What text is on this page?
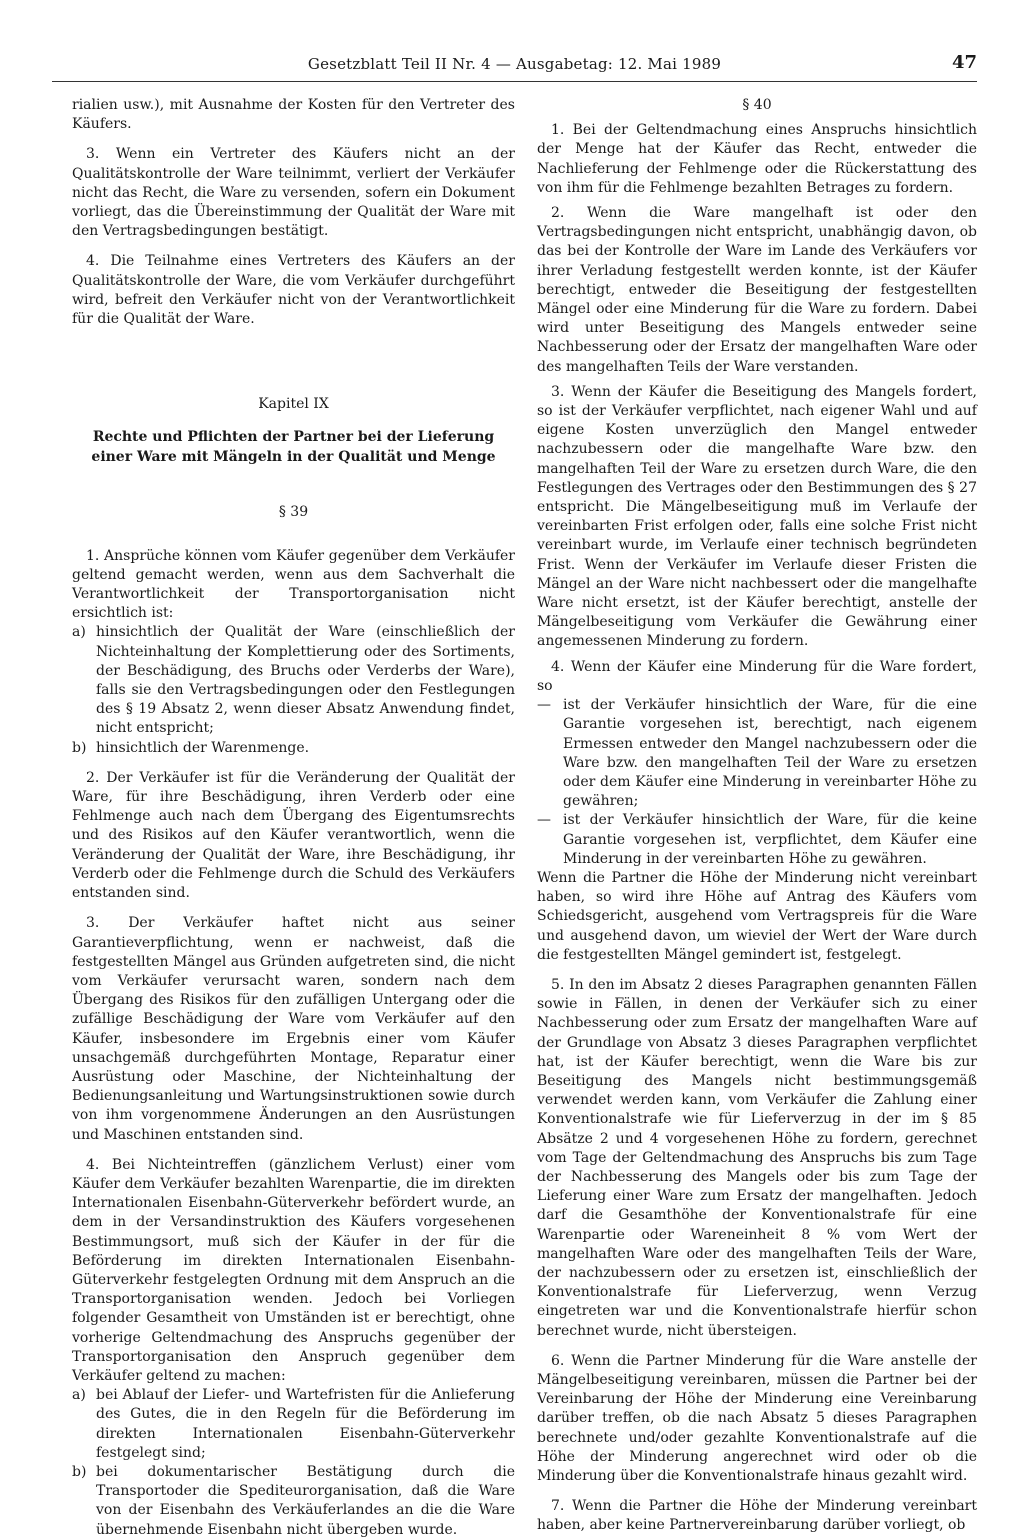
Gesetzblatt Teil II Nr. 4 — Ausgabetag: 12. Mai 1989	47

rialien usw.), mit Ausnahme der Kosten für den Vertreter des Käufers.

3. Wenn ein Vertreter des Käufers nicht an der Qualitätskontrolle der Ware teilnimmt, verliert der Verkäufer nicht das Recht, die Ware zu versenden, sofern ein Dokument vorliegt, das die Übereinstimmung der Qualität der Ware mit den Vertragsbedingungen bestätigt.

4. Die Teilnahme eines Vertreters des Käufers an der Qualitätskontrolle der Ware, die vom Verkäufer durchgeführt wird, befreit den Verkäufer nicht von der Verantwortlichkeit für die Qualität der Ware.

Kapitel IX

Rechte und Pflichten der Partner bei der Lieferung einer Ware mit Mängeln in der Qualität und Menge

§ 39

1. Ansprüche können vom Käufer gegenüber dem Verkäufer geltend gemacht werden, wenn aus dem Sachverhalt die Verantwortlichkeit der Transportorganisation nicht ersichtlich ist:

a) hinsichtlich der Qualität der Ware (einschließlich der Nichteinhaltung der Komplettierung oder des Sortiments, der Beschädigung, des Bruchs oder Verderbs der Ware), falls sie den Vertragsbedingungen oder den Festlegungen des § 19 Absatz 2, wenn dieser Absatz Anwendung findet, nicht entspricht;
b) hinsichtlich der Warenmenge.

2. Der Verkäufer ist für die Veränderung der Qualität der Ware, für ihre Beschädigung, ihren Verderb oder eine Fehlmenge auch nach dem Übergang des Eigentumsrechts und des Risikos auf den Käufer verantwortlich, wenn die Veränderung der Qualität der Ware, ihre Beschädigung, ihr Verderb oder die Fehlmenge durch die Schuld des Verkäufers entstanden sind.

3. Der Verkäufer haftet nicht aus seiner Garantieverpflichtung, wenn er nachweist, daß die festgestellten Mängel aus Gründen aufgetreten sind, die nicht vom Verkäufer verursacht waren, sondern nach dem Übergang des Risikos für den zufälligen Untergang oder die zufällige Beschädigung der Ware vom Verkäufer auf den Käufer, insbesondere im Ergebnis einer vom Käufer unsachgemäß durchgeführten Montage, Reparatur einer Ausrüstung oder Maschine, der Nichteinhaltung der Bedienungsanleitung und Wartungsinstruktionen sowie durch von ihm vorgenommene Änderungen an den Ausrüstungen und Maschinen entstanden sind.

4. Bei Nichteintreffen (gänzlichem Verlust) einer vom Käufer dem Verkäufer bezahlten Warenpartie, die im direkten Internationalen Eisenbahn-Güterverkehr befördert wurde, an dem in der Versandinstruktion des Käufers vorgesehenen Bestimmungsort, muß sich der Käufer in der für die Beförderung im direkten Internationalen Eisenbahn-Güterverkehr festgelegten Ordnung mit dem Anspruch an die Transportorganisation wenden. Jedoch bei Vorliegen folgender Gesamtheit von Umständen ist er berechtigt, ohne vorherige Geltendmachung des Anspruchs gegenüber der Transportorganisation den Anspruch gegenüber dem Verkäufer geltend zu machen:

a) bei Ablauf der Liefer- und Wartefristen für die Anlieferung des Gutes, die in den Regeln für die Beförderung im direkten Internationalen Eisenbahn-Güterverkehr festgelegt sind;
b) bei dokumentarischer Bestätigung durch die Transportoder die Speditеurorganisation, daß die Ware von der Eisenbahn des Verkäuferlandes an die die Ware übernehmende Eisenbahn nicht übergeben wurde.

§ 40

1. Bei der Geltendmachung eines Anspruchs hinsichtlich der Menge hat der Käufer das Recht, entweder die Nachlieferung der Fehlmenge oder die Rückerstattung des von ihm für die Fehlmenge bezahlten Betrages zu fordern.

2. Wenn die Ware mangelhaft ist oder den Vertragsbedingungen nicht entspricht, unabhängig davon, ob das bei der Kontrolle der Ware im Lande des Verkäufers vor ihrer Verladung festgestellt werden konnte, ist der Käufer berechtigt, entweder die Beseitigung der festgestellten Mängel oder eine Minderung für die Ware zu fordern. Dabei wird unter Beseitigung des Mangels entweder seine Nachbesserung oder der Ersatz der mangelhaften Ware oder des mangelhaften Teils der Ware verstanden.

3. Wenn der Käufer die Beseitigung des Mangels fordert, so ist der Verkäufer verpflichtet, nach eigener Wahl und auf eigene Kosten unverzüglich den Mangel entweder nachzubessern oder die mangelhafte Ware bzw. den mangelhaften Teil der Ware zu ersetzen durch Ware, die den Festlegungen des Vertrages oder den Bestimmungen des § 27 entspricht. Die Mängelbeseitigung muß im Verlaufe der vereinbarten Frist erfolgen oder, falls eine solche Frist nicht vereinbart wurde, im Verlaufe einer technisch begründeten Frist. Wenn der Verkäufer im Verlaufe dieser Fristen die Mängel an der Ware nicht nachbessert oder die mangelhafte Ware nicht ersetzt, ist der Käufer berechtigt, anstelle der Mängelbeseitigung vom Verkäufer die Gewährung einer angemessenen Minderung zu fordern.

4. Wenn der Käufer eine Minderung für die Ware fordert, so

— ist der Verkäufer hinsichtlich der Ware, für die eine Garantie vorgesehen ist, berechtigt, nach eigenem Ermessen entweder den Mangel nachzubessern oder die Ware bzw. den mangelhaften Teil der Ware zu ersetzen oder dem Käufer eine Minderung in vereinbarter Höhe zu gewähren;
— ist der Verkäufer hinsichtlich der Ware, für die keine Garantie vorgesehen ist, verpflichtet, dem Käufer eine Minderung in der vereinbarten Höhe zu gewähren.

Wenn die Partner die Höhe der Minderung nicht vereinbart haben, so wird ihre Höhe auf Antrag des Käufers vom Schiedsgericht, ausgehend vom Vertragspreis für die Ware und ausgehend davon, um wieviel der Wert der Ware durch die festgestellten Mängel gemindert ist, festgelegt.

5. In den im Absatz 2 dieses Paragraphen genannten Fällen sowie in Fällen, in denen der Verkäufer sich zu einer Nachbesserung oder zum Ersatz der mangelhaften Ware auf der Grundlage von Absatz 3 dieses Paragraphen verpflichtet hat, ist der Käufer berechtigt, wenn die Ware bis zur Beseitigung des Mangels nicht bestimmungsgemäß verwendet werden kann, vom Verkäufer die Zahlung einer Konventionalstrafe wie für Lieferverzug in der im § 85 Absätze 2 und 4 vorgesehenen Höhe zu fordern, gerechnet vom Tage der Geltendmachung des Anspruchs bis zum Tage der Nachbesserung des Mangels oder bis zum Tage der Lieferung einer Ware zum Ersatz der mangelhaften. Jedoch darf die Gesamthöhe der Konventionalstrafe für eine Warenpartie oder Wareneinheit 8 % vom Wert der mangelhaften Ware oder des mangelhaften Teils der Ware, der nachzubessern oder zu ersetzen ist, einschließlich der Konventionalstrafe für Lieferverzug, wenn Verzug eingetreten war und die Konventionalstrafe hierfür schon berechnet wurde, nicht übersteigen.

6. Wenn die Partner Minderung für die Ware anstelle der Mängelbeseitigung vereinbaren, müssen die Partner bei der Vereinbarung der Höhe der Minderung eine Vereinbarung darüber treffen, ob die nach Absatz 5 dieses Paragraphen berechnete und/oder gezahlte Konventionalstrafe auf die Höhe der Minderung angerechnet wird oder ob die Minderung über die Konventionalstrafe hinaus gezahlt wird.

7. Wenn die Partner die Höhe der Minderung vereinbart haben, aber keine Partnervereinbarung darüber vorliegt, ob
